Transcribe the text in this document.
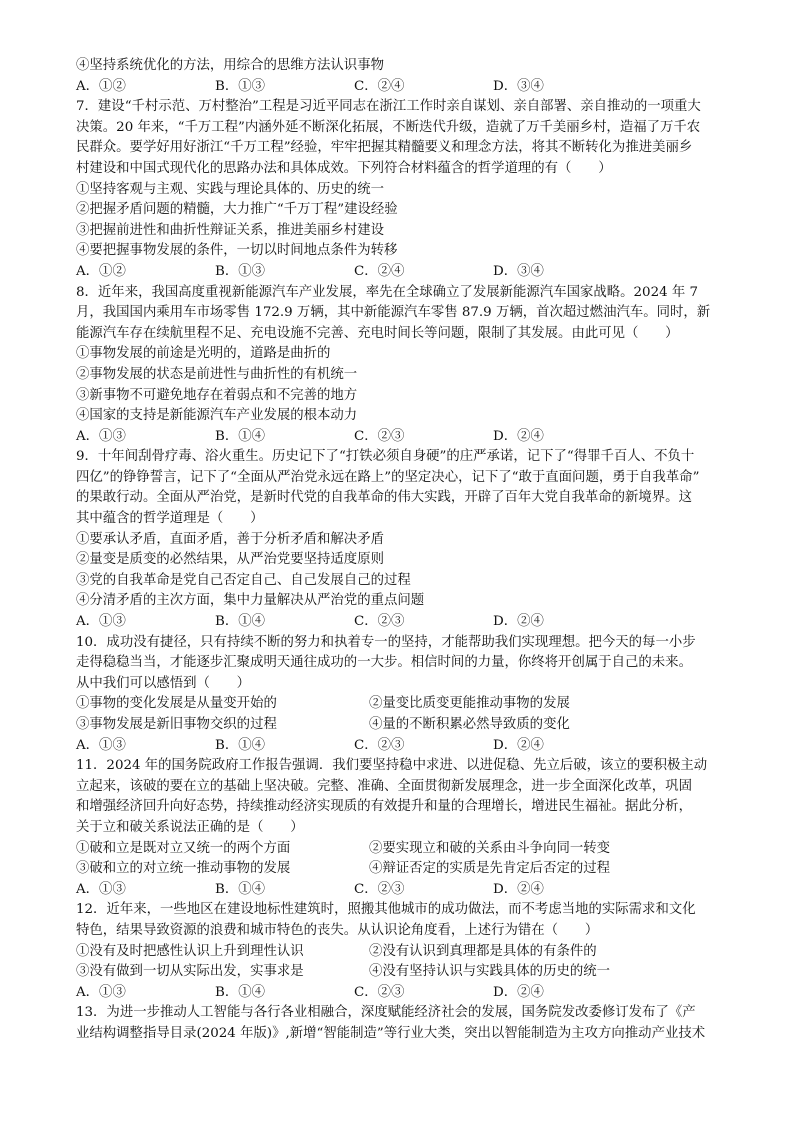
④坚持系统优化的方法，用综合的思维方法认识事物
A．①②	B．①③	C．②④	D．③④
7．建设“千村示范、万村整治”工程是习近平同志在浙江工作时亲自谋划、亲自部署、亲自推动的一项重大
决策。20 年来，“千万工程”内涵外延不断深化拓展，不断迭代升级，造就了万千美丽乡村，造福了万千农
民群众。要学好用好浙江“千万工程”经验，牢牢把握其精髓要义和理念方法，将其不断转化为推进美丽乡
村建设和中国式现代化的思路办法和具体成效。下列符合材料蕴含的哲学道理的有（　　）
①坚持客观与主观、实践与理论具体的、历史的统一
②把握矛盾问题的精髓，大力推广“千万丁程”建设经验
③把握前进性和曲折性辩证关系，推进美丽乡村建设
④要把握事物发展的条件，一切以时间地点条件为转移
A．①②	B．①③	C．②④	D．③④
8．近年来，我国高度重视新能源汽车产业发展，率先在全球确立了发展新能源汽车国家战略。2024 年 7
月，我国国内乘用车市场零售 172.9 万辆，其中新能源汽车零售 87.9 万辆，首次超过燃油汽车。同时，新
能源汽车存在续航里程不足、充电设施不完善、充电时间长等问题，限制了其发展。由此可见（　　）
①事物发展的前途是光明的，道路是曲折的
②事物发展的状态是前进性与曲折性的有机统一
③新事物不可避免地存在着弱点和不完善的地方
④国家的支持是新能源汽车产业发展的根本动力
A．①③	B．①④	C．②③	D．②④
9．十年间刮骨疗毒、浴火重生。历史记下了“打铁必须自身硬”的庄严承诺，记下了“得罪千百人、不负十
四亿”的铮铮誓言，记下了“全面从严治党永远在路上”的坚定决心，记下了“敢于直面问题，勇于自我革命”
的果敢行动。全面从严治党，是新时代党的自我革命的伟大实践，开辟了百年大党自我革命的新境界。这
其中蕴含的哲学道理是（　　）
①要承认矛盾，直面矛盾，善于分析矛盾和解决矛盾
②量变是质变的必然结果，从严治党要坚持适度原则
③党的自我革命是党自己否定自己、自己发展自己的过程
④分清矛盾的主次方面，集中力量解决从严治党的重点问题
A．①③	B．①④	C．②③	D．②④
10．成功没有捷径，只有持续不断的努力和执着专一的坚持，才能帮助我们实现理想。把今天的每一小步
走得稳稳当当，才能逐步汇聚成明天通往成功的一大步。相信时间的力量，你终将开创属于自己的未来。
从中我们可以感悟到（　　）
①事物的变化发展是从量变开始的	②量变比质变更能推动事物的发展
③事物发展是新旧事物交织的过程	④量的不断积累必然导致质的变化
A．①③	B．①④	C．②③	D．②④
11．2024 年的国务院政府工作报告强调．我们要坚持稳中求进、以进促稳、先立后破，该立的要积极主动
立起来，该破的要在立的基础上坚决破。完整、准确、全面贯彻新发展理念，进一步全面深化改革，巩固
和增强经济回升向好态势，持续推动经济实现质的有效提升和量的合理增长，增进民生福祉。据此分析，
关于立和破关系说法正确的是（　　）
①破和立是既对立又统一的两个方面	②要实现立和破的关系由斗争向同一转变
③破和立的对立统一推动事物的发展	④辩证否定的实质是先肯定后否定的过程
A．①③	B．①④	C．②③	D．②④
12．近年来，一些地区在建设地标性建筑时，照搬其他城市的成功做法，而不考虑当地的实际需求和文化
特色，结果导致资源的浪费和城市特色的丧失。从认识论角度看，上述行为错在（　　）
①没有及时把感性认识上升到理性认识	②没有认识到真理都是具体的有条件的
③没有做到一切从实际出发，实事求是	④没有坚持认识与实践具体的历史的统一
A．①③	B．①④	C．②③	D．②④
13．为进一步推动人工智能与各行各业相融合，深度赋能经济社会的发展，国务院发改委修订发布了《产
业结构调整指导目录(2024 年版)》,新增“智能制造”等行业大类，突出以智能制造为主攻方向推动产业技术
